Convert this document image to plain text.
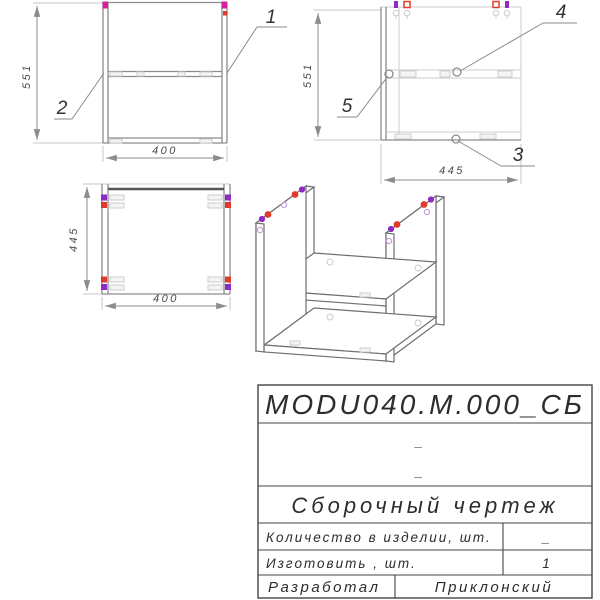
551
400
1
2
551
445
4
5
3
445
400
MODU040.M.000_СБ
_
_
Сборочный чертеж
Количество в изделии, шт.	_
Изготовить , шт.	1
Разработал	Приклонский
